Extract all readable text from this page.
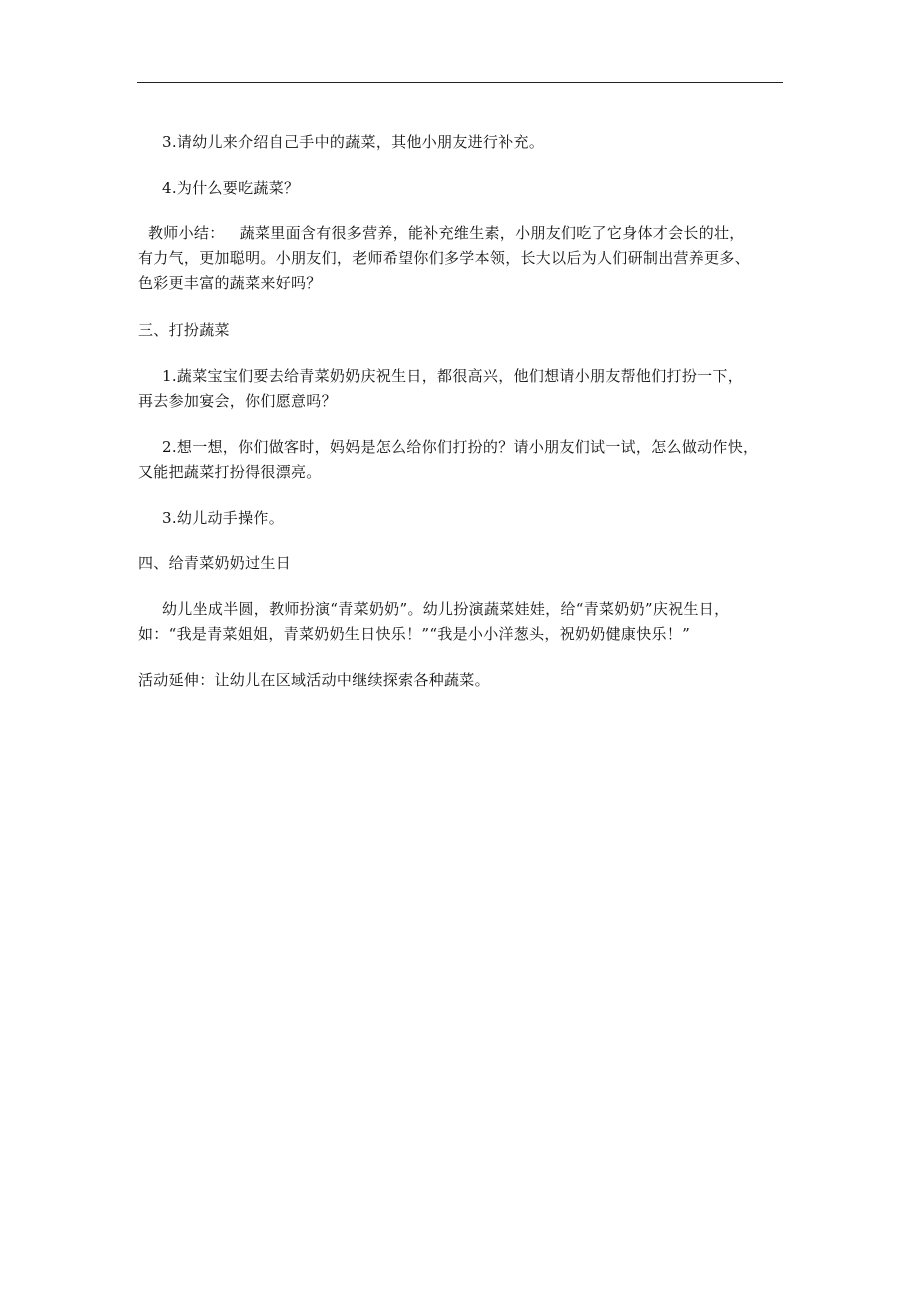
3.请幼儿来介绍自己手中的蔬菜，其他小朋友进行补充。

4.为什么要吃蔬菜？

教师小结：   蔬菜里面含有很多营养，能补充维生素，小朋友们吃了它身体才会长的壮，

有力气，更加聪明。小朋友们，老师希望你们多学本领，长大以后为人们研制出营养更多、

色彩更丰富的蔬菜来好吗？

三、打扮蔬菜

1.蔬菜宝宝们要去给青菜奶奶庆祝生日，都很高兴，他们想请小朋友帮他们打扮一下，

再去参加宴会，你们愿意吗？

2.想一想，你们做客时，妈妈是怎么给你们打扮的？请小朋友们试一试，怎么做动作快，

又能把蔬菜打扮得很漂亮。

3.幼儿动手操作。

四、给青菜奶奶过生日

幼儿坐成半圆，教师扮演“青菜奶奶”。幼儿扮演蔬菜娃娃，给“青菜奶奶”庆祝生日，

如：“我是青菜姐姐，青菜奶奶生日快乐！”“我是小小洋葱头，祝奶奶健康快乐！”

活动延伸：让幼儿在区域活动中继续探索各种蔬菜。
